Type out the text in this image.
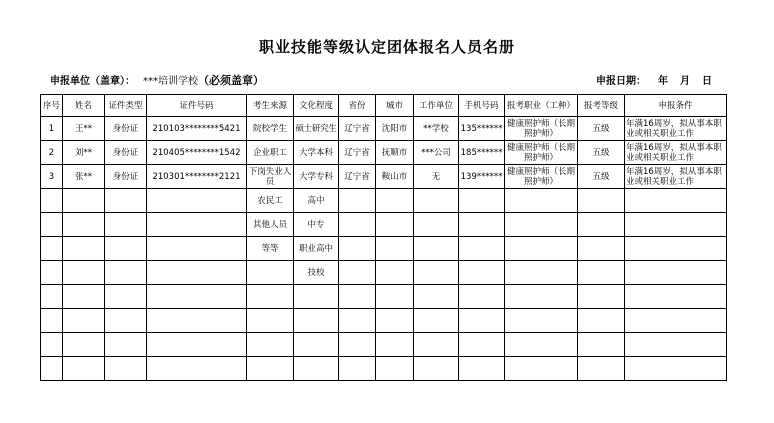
职业技能等级认定团体报名人员名册
申报单位（盖章）： ***培训学校（必须盖章）	申报日期： 年 月 日
序号	姓名	证件类型	证件号码	考生来源	文化程度	省份	城市	工作单位	手机号码	报考职业（工种）	报考等级	申报条件
1	王**	身份证	210103********5421	院校学生	硕士研究生	辽宁省	沈阳市	**学校	135******	健康照护师（长期照护师）	五级	年满16周岁，拟从事本职业或相关职业工作
2	刘**	身份证	210405********1542	企业职工	大学本科	辽宁省	抚顺市	***公司	185******	健康照护师（长期照护师）	五级	年满16周岁，拟从事本职业或相关职业工作
3	张**	身份证	210301********2121	下岗失业人员	大学专科	辽宁省	鞍山市	无	139******	健康照护师（长期照护师）	五级	年满16周岁，拟从事本职业或相关职业工作
				农民工	高中							
				其他人员	中专							
				等等	职业高中							
					技校							
